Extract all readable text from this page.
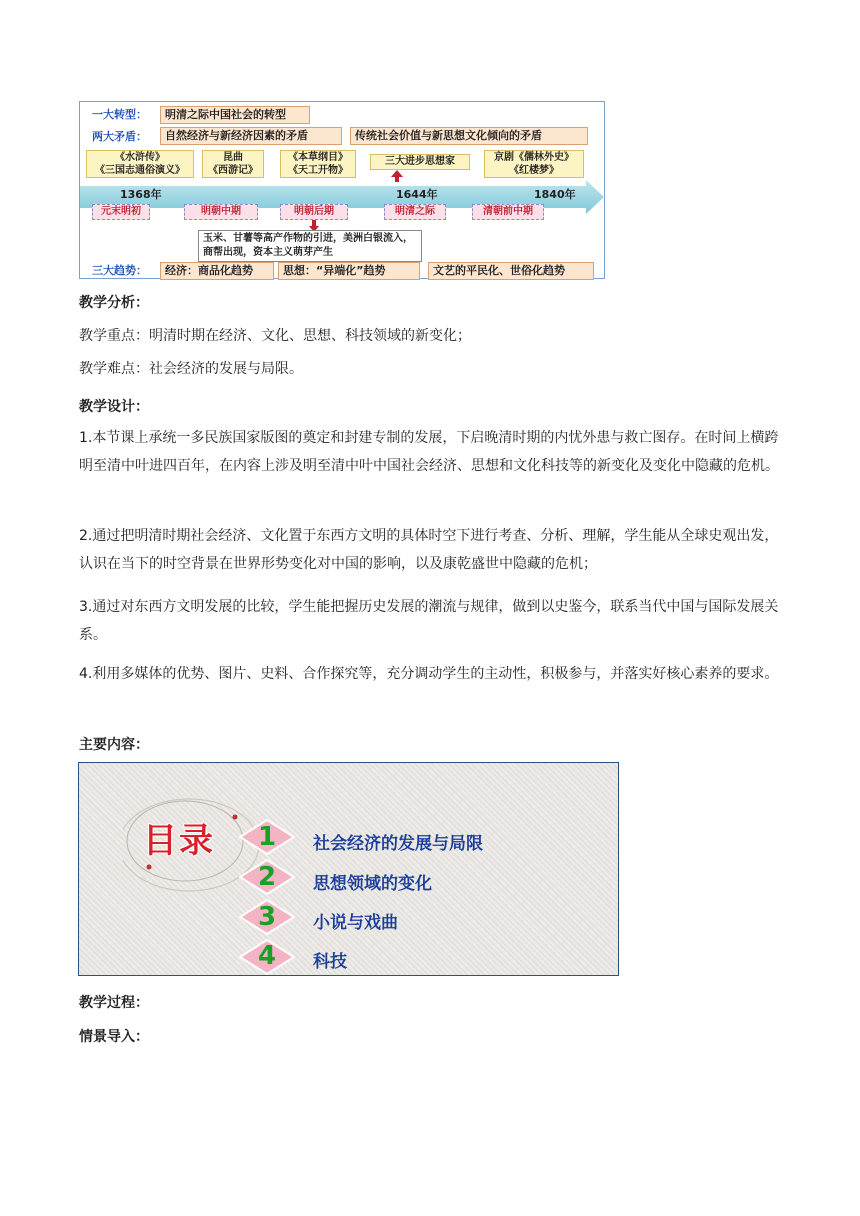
一大转型：	明清之际中国社会的转型
两大矛盾：	自然经济与新经济因素的矛盾	传统社会价值与新思想文化倾向的矛盾
《水浒传》
《三国志通俗演义》
昆曲
《西游记》
《本草纲目》
《天工开物》
三大进步思想家	京剧《儒林外史》
《红楼梦》
1368年	1644年	1840年
元末明初	明朝中期	明朝后期	明清之际	清朝前中期
玉米、甘薯等高产作物的引进，美洲白银流入，商帮出现，资本主义萌芽产生
三大趋势：	经济：商品化趋势	思想：“异端化”趋势	文艺的平民化、世俗化趋势
教学分析：
教学重点：明清时期在经济、文化、思想、科技领域的新变化；
教学难点：社会经济的发展与局限。
教学设计：
1.本节课上承统一多民族国家版图的奠定和封建专制的发展，下启晚清时期的内忧外患与救亡图存。在时间上横跨明至清中叶进四百年，在内容上涉及明至清中叶中国社会经济、思想和文化科技等的新变化及变化中隐藏的危机。
2.通过把明清时期社会经济、文化置于东西方文明的具体时空下进行考查、分析、理解，学生能从全球史观出发，认识在当下的时空背景在世界形势变化对中国的影响，以及康乾盛世中隐藏的危机；
3.通过对东西方文明发展的比较，学生能把握历史发展的潮流与规律，做到以史鉴今，联系当代中国与国际发展关系。
4.利用多媒体的优势、图片、史料、合作探究等，充分调动学生的主动性，积极参与，并落实好核心素养的要求。
主要内容：
目录	1	社会经济的发展与局限
2	思想领域的变化
3	小说与戏曲
4	科技
教学过程：
情景导入：
